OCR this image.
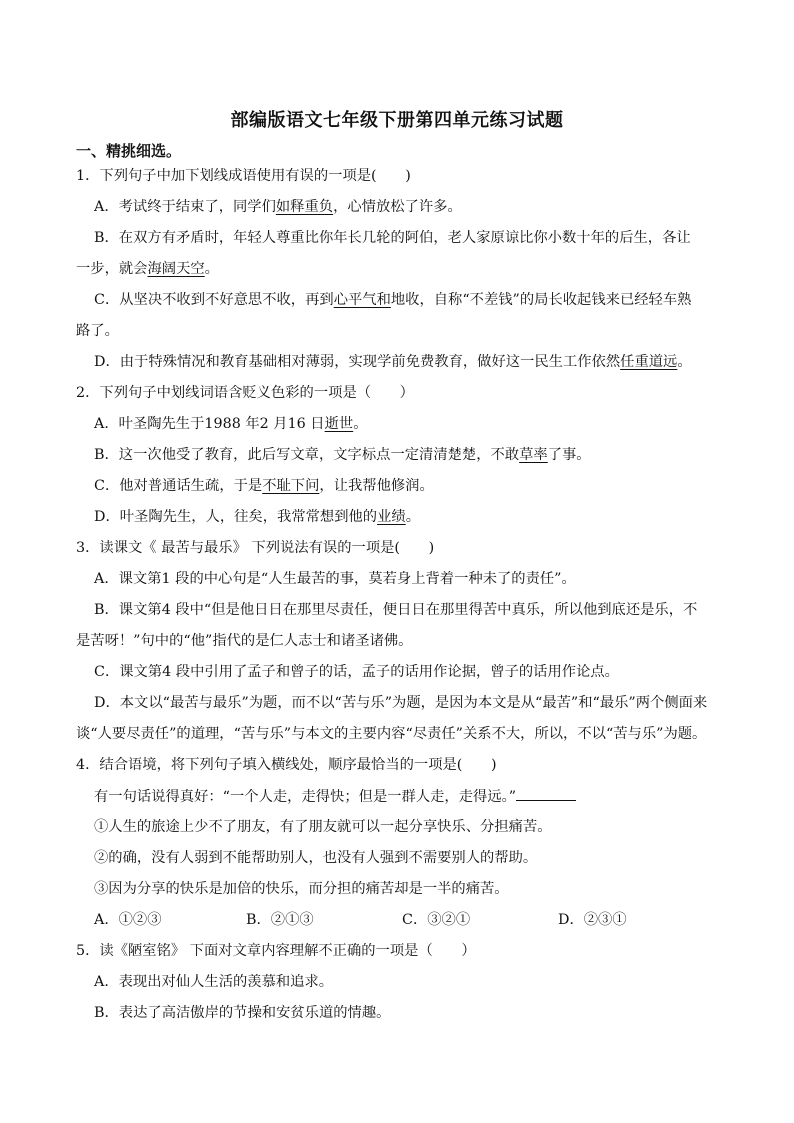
部编版语文七年级下册第四单元练习试题
一、精挑细选。
1．下列句子中加下划线成语使用有误的一项是(　　)
A．考试终于结束了，同学们如释重负，心情放松了许多。
B．在双方有矛盾时，年轻人尊重比你年长几轮的阿伯，老人家原谅比你小数十年的后生，各让
一步，就会海阔天空。
C．从坚决不收到不好意思不收，再到心平气和地收，自称“不差钱”的局长收起钱来已经轻车熟
路了。
D．由于特殊情况和教育基础相对薄弱，实现学前免费教育，做好这一民生工作依然任重道远。
2．下列句子中划线词语含贬义色彩的一项是（　　）
A．叶圣陶先生于1988 年2 月16 日逝世。
B．这一次他受了教育，此后写文章，文字标点一定清清楚楚，不敢草率了事。
C．他对普通话生疏，于是不耻下问，让我帮他修润。
D．叶圣陶先生，人，往矣，我常常想到他的业绩。
3．读课文《 最苦与最乐》 下列说法有误的一项是(　　)
A．课文第1 段的中心句是“人生最苦的事，莫若身上背着一种未了的责任”。
B．课文第4 段中“但是他日日在那里尽责任，便日日在那里得苦中真乐，所以他到底还是乐，不
是苦呀！”句中的“他”指代的是仁人志士和诸圣诸佛。
C．课文第4 段中引用了孟子和曾子的话，孟子的话用作论据，曾子的话用作论点。
D．本文以“最苦与最乐”为题，而不以“苦与乐”为题，是因为本文是从“最苦”和“最乐”两个侧面来
谈“人要尽责任”的道理，“苦与乐”与本文的主要内容“尽责任”关系不大，所以，不以“苦与乐”为题。
4．结合语境，将下列句子填入横线处，顺序最恰当的一项是(　　)
有一句话说得真好：“一个人走，走得快；但是一群人走，走得远。”
①人生的旅途上少不了朋友，有了朋友就可以一起分享快乐、分担痛苦。
②的确，没有人弱到不能帮助别人，也没有人强到不需要别人的帮助。
③因为分享的快乐是加倍的快乐，而分担的痛苦却是一半的痛苦。
A．①②③	B．②①③	C．③②①	D．②③①
5．读《陋室铭》 下面对文章内容理解不正确的一项是（　　）
A．表现出对仙人生活的羡慕和追求。
B．表达了高洁傲岸的节操和安贫乐道的情趣。
